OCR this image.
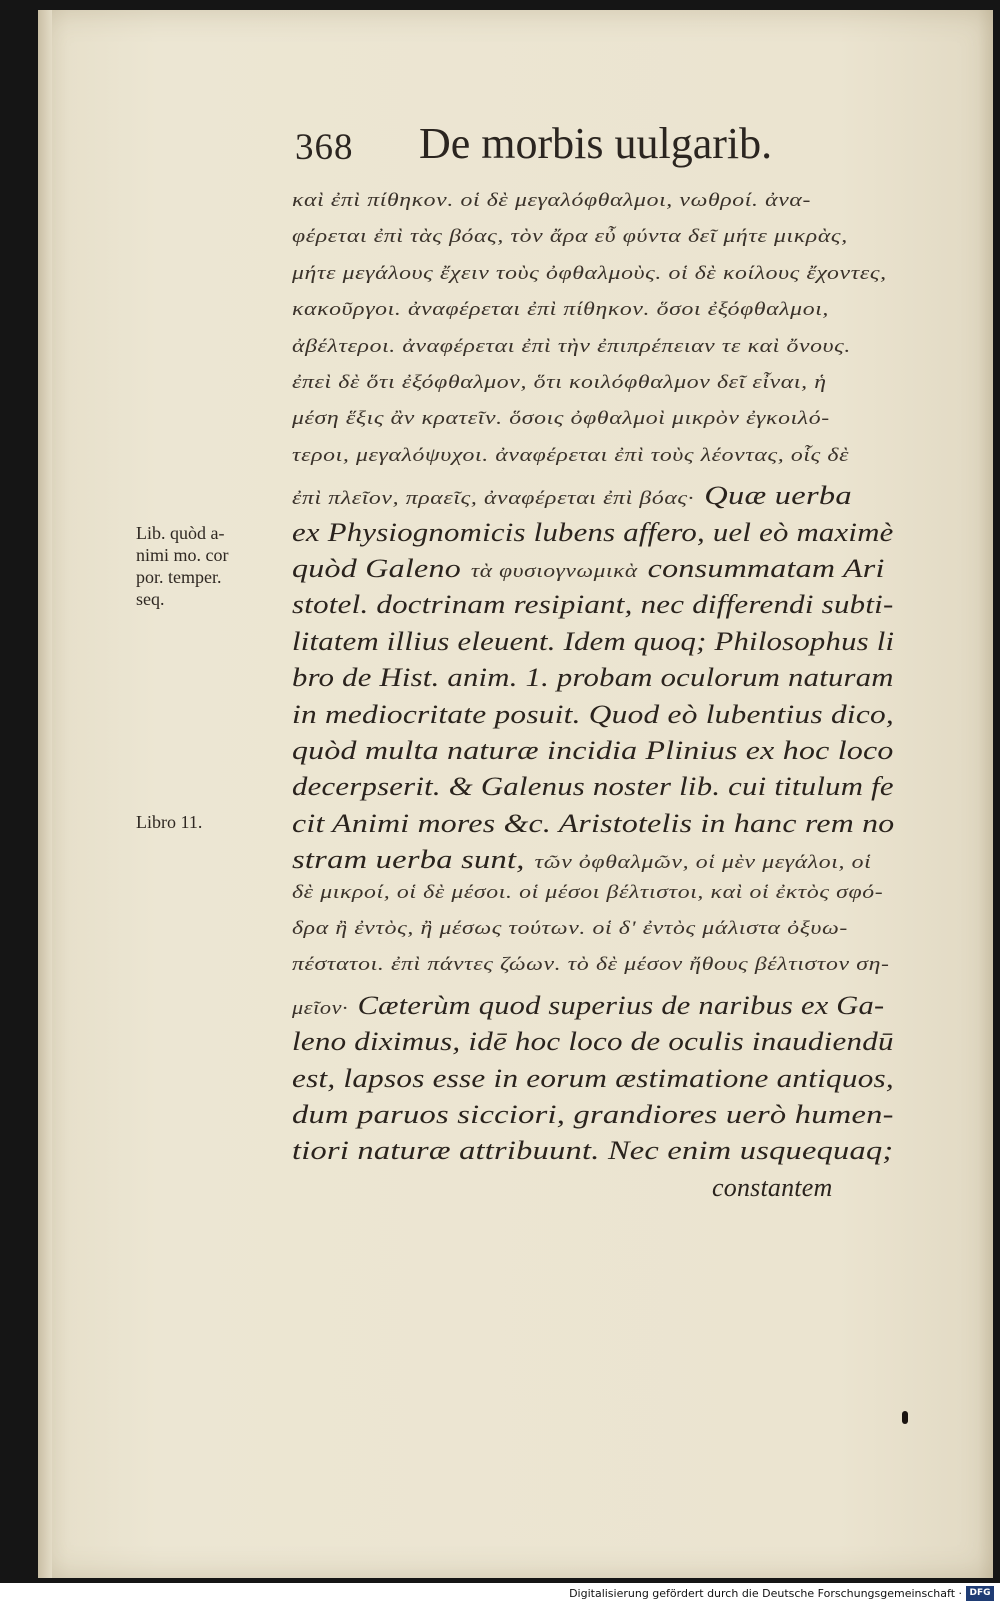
368 De morbis uulgarib.
καὶ ἐπὶ πίθηκον. οἱ δὲ μεγαλόφθαλμοι, νωθροί. ἀνα-
φέρεται ἐπὶ τὰς βόας, τὸν ἄρα εὖ φύντα δεῖ μήτε μικρὰς,
μήτε μεγάλους ἔχειν τοὺς ὀφθαλμοὺς. οἱ δὲ κοίλους ἔχοντες,
κακοῦργοι. ἀναφέρεται ἐπὶ πίθηκον. ὅσοι ἐξόφθαλμοι,
ἀβέλτεροι. ἀναφέρεται ἐπὶ τὴν ἐπιπρέπειαν τε καὶ ὄνους.
ἐπεὶ δὲ ὅτι ἐξόφθαλμον, ὅτι κοιλόφθαλμον δεῖ εἶναι, ἡ
μέση ἕξις ἂν κρατεῖν. ὅσοις ὀφθαλμοὶ μικρὸν ἐγκοιλό-
τεροι, μεγαλόψυχοι. ἀναφέρεται ἐπὶ τοὺς λέοντας, οἷς δὲ
ἐπὶ πλεῖον, πραεῖς, ἀναφέρεται ἐπὶ βόας· Quæ uerba
ex Physiognomicis lubens affero, uel eò maximè
quòd Galeno τὰ φυσιογνωμικὰ consummatam Ari
stotel. doctrinam resipiant, nec differendi subti-
litatem illius eleuent. Idem quoq; Philosophus li
bro de Hist. anim. 1. probam oculorum naturam
in mediocritate posuit. Quod eò lubentius dico,
quòd multa naturæ incidia Plinius ex hoc loco
decerpserit. & Galenus noster lib. cui titulum fe
cit Animi mores &c. Aristotelis in hanc rem no
stram uerba sunt, τῶν ὀφθαλμῶν, οἱ μὲν μεγάλοι, οἱ
δὲ μικροί, οἱ δὲ μέσοι. οἱ μέσοι βέλτιστοι, καὶ οἱ ἐκτὸς σφό-
δρα ἢ ἐντὸς, ἢ μέσως τούτων. οἱ δ' ἐντὸς μάλιστα ὀξυω-
πέστατοι. ἐπὶ πάντες ζώων. τὸ δὲ μέσον ἤθους βέλτιστον ση-
μεῖον· Cæterùm quod superius de naribus ex Ga-
leno diximus, idē hoc loco de oculis inaudiendū
est, lapsos esse in eorum æstimatione antiquos,
dum paruos sicciori, grandiores uerò humen-
tiori naturæ attribuunt. Nec enim usquequaq;
constantem
Lib. quòd a-
nimi mo. cor
por. temper.
seq.
Libro 11.
Digitalisierung gefördert durch die Deutsche Forschungsgemeinschaft · DFG
